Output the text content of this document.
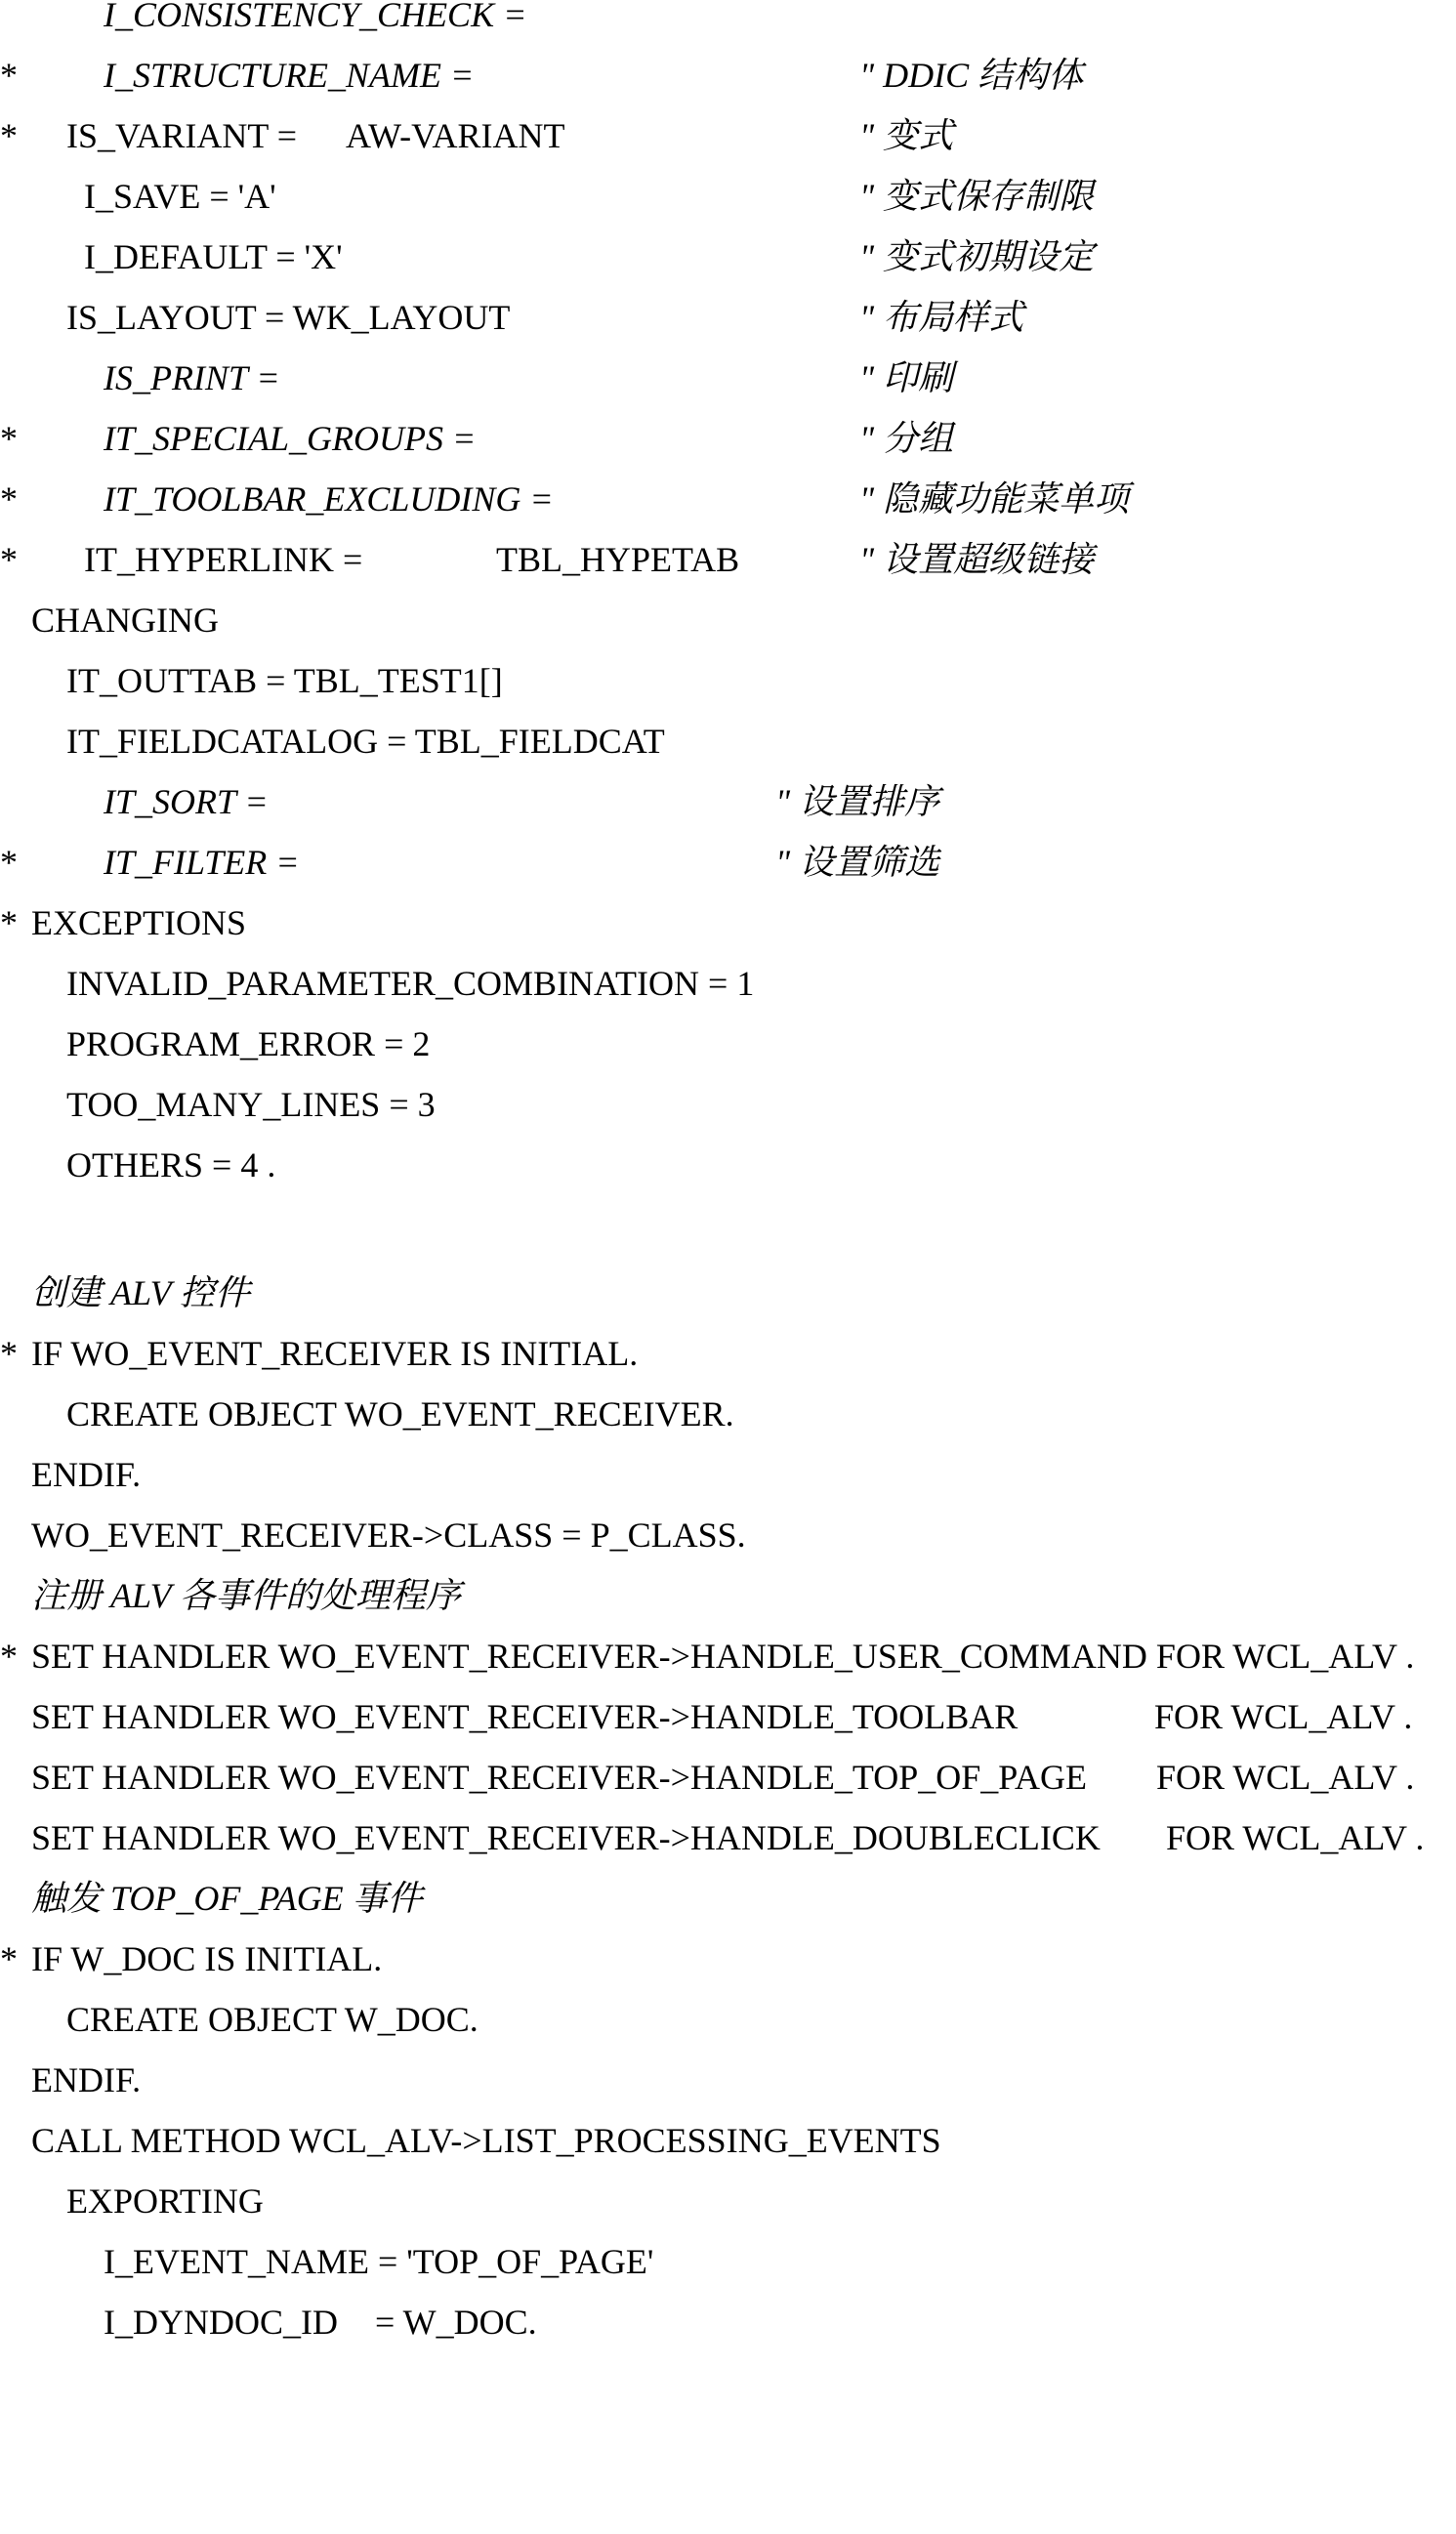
*

I_CONSISTENCY_CHECK =

*

I_STRUCTURE_NAME =

	" DDIC 结构体

IS_VARIANT =

AW-VARIANT

	" 变式

I_SAVE = 'A'

	" 变式保存制限

I_DEFAULT = 'X'

	" 变式初期设定

IS_LAYOUT = WK_LAYOUT

	" 布局样式

*

IS_PRINT =

	" 印刷

*

IT_SPECIAL_GROUPS =

	" 分组

*

IT_TOOLBAR_EXCLUDING =

	" 隐藏功能菜单项

IT_HYPERLINK =

	TBL_HYPETAB

	" 设置超级链接

CHANGING

IT_OUTTAB = TBL_TEST1[]

IT_FIELDCATALOG = TBL_FIELDCAT

*

IT_SORT =

	" 设置排序

*

IT_FILTER =

	" 设置筛选

EXCEPTIONS

INVALID_PARAMETER_COMBINATION = 1

PROGRAM_ERROR = 2

TOO_MANY_LINES = 3

OTHERS = 4 .

*

创建 ALV 控件

IF WO_EVENT_RECEIVER IS INITIAL.

CREATE OBJECT WO_EVENT_RECEIVER.

ENDIF.

WO_EVENT_RECEIVER->CLASS = P_CLASS.

*

注册 ALV 各事件的处理程序

SET HANDLER WO_EVENT_RECEIVER->HANDLE_USER_COMMAND FOR WCL_ALV .

SET HANDLER WO_EVENT_RECEIVER->HANDLE_TOOLBAR

	FOR WCL_ALV .

SET HANDLER WO_EVENT_RECEIVER->HANDLE_TOP_OF_PAGE

FOR WCL_ALV .

SET HANDLER WO_EVENT_RECEIVER->HANDLE_DOUBLECLICK

FOR WCL_ALV .

*

触发 TOP_OF_PAGE 事件

IF W_DOC IS INITIAL.

CREATE OBJECT W_DOC.

ENDIF.

CALL METHOD WCL_ALV->LIST_PROCESSING_EVENTS

EXPORTING

I_EVENT_NAME = 'TOP_OF_PAGE'

I_DYNDOC_ID

= W_DOC.
